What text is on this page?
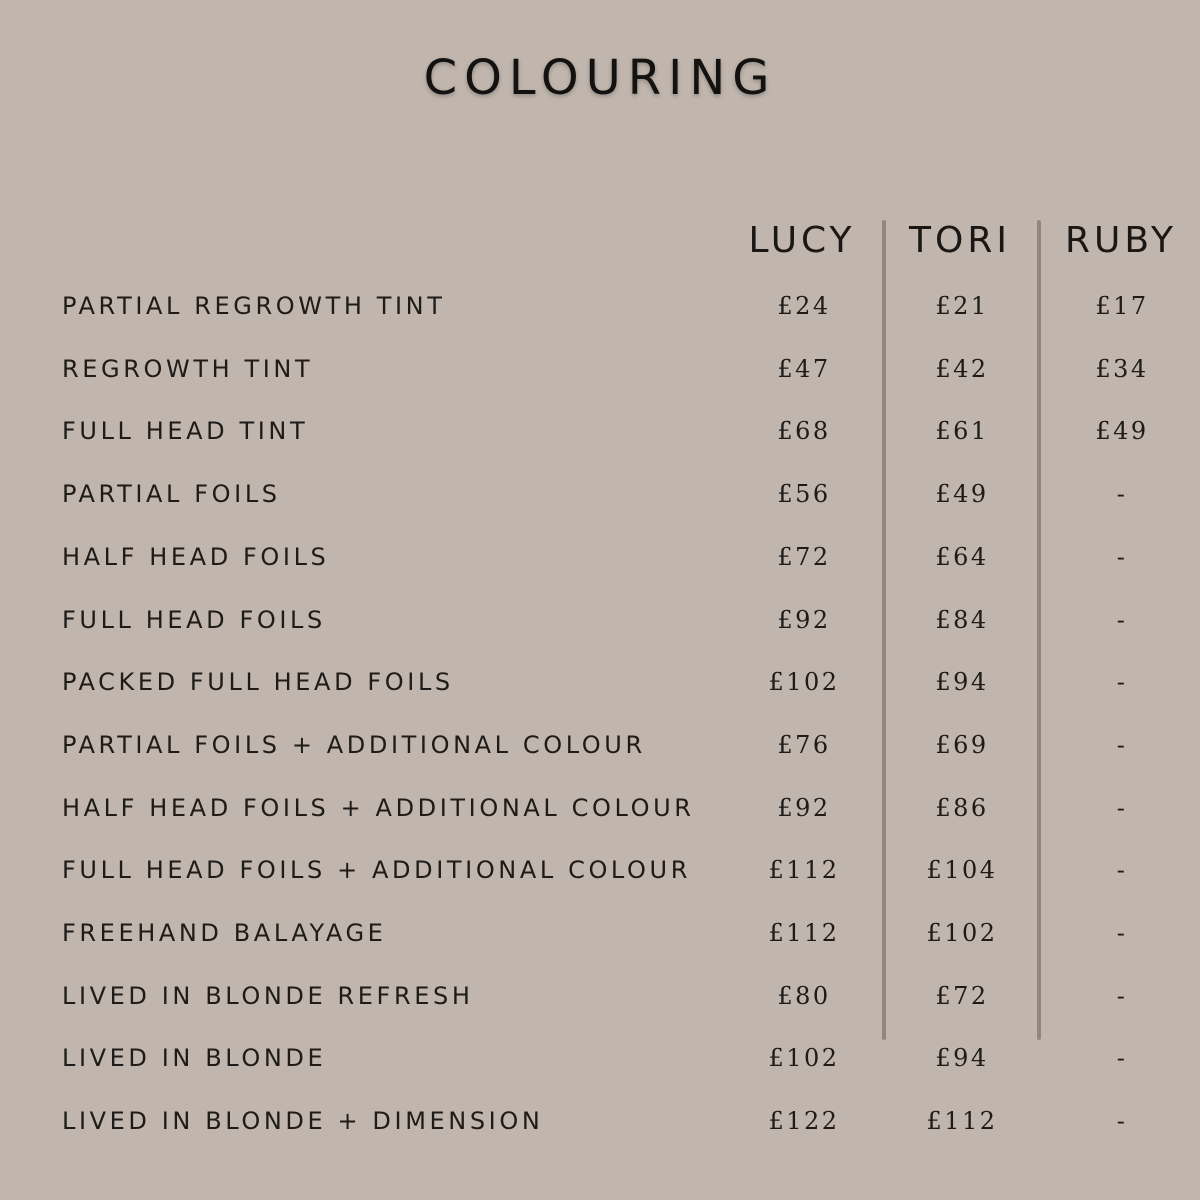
COLOURING
LUCY	TORI	RUBY
PARTIAL REGROWTH TINT	£24	£21	£17
REGROWTH TINT	£47	£42	£34
FULL HEAD TINT	£68	£61	£49
PARTIAL FOILS	£56	£49	-
HALF HEAD FOILS	£72	£64	-
FULL HEAD FOILS	£92	£84	-
PACKED FULL HEAD FOILS	£102	£94	-
PARTIAL FOILS + ADDITIONAL COLOUR	£76	£69	-
HALF HEAD FOILS + ADDITIONAL COLOUR	£92	£86	-
FULL HEAD FOILS + ADDITIONAL COLOUR	£112	£104	-
FREEHAND BALAYAGE	£112	£102	-
LIVED IN BLONDE REFRESH	£80	£72	-
LIVED IN BLONDE	£102	£94	-
LIVED IN BLONDE + DIMENSION	£122	£112	-
